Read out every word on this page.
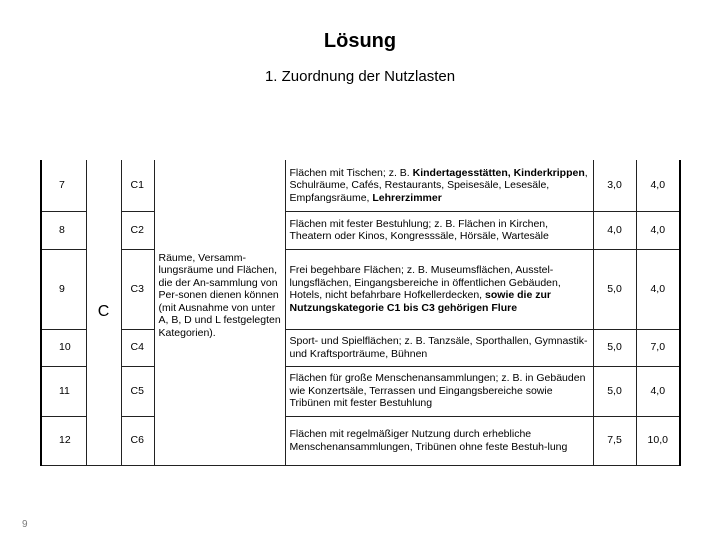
Lösung
1. Zuordnung der Nutzlasten
7	C	C1	Räume, Versamm-lungsräume und Flächen, die der An-sammlung von Per-sonen dienen können (mit Ausnahme von unter A, B, D und L festgelegten Kategorien).	Flächen mit Tischen; z. B. Kindertagesstätten, Kinderkrippen, Schulräume, Cafés, Restaurants, Speisesäle, Lesesäle, Empfangsräume, Lehrerzimmer	3,0	4,0
8		C2		Flächen mit fester Bestuhlung; z. B. Flächen in Kirchen, Theatern oder Kinos, Kongresssäle, Hörsäle, Wartesäle	4,0	4,0
9		C3		Frei begehbare Flächen; z. B. Museumsflächen, Ausstel-lungsflächen, Eingangsbereiche in öffentlichen Gebäuden, Hotels, nicht befahrbare Hofkellerdecken, sowie die zur Nutzungskategorie C1 bis C3 gehörigen Flure	5,0	4,0
10		C4		Sport- und Spielflächen; z. B. Tanzsäle, Sporthallen, Gymnastik- und Kraftsporträume, Bühnen	5,0	7,0
11		C5		Flächen für große Menschenansammlungen; z. B. in Gebäuden wie Konzertsäle, Terrassen und Eingangsbereiche sowie Tribünen mit fester Bestuhlung	5,0	4,0
12		C6		Flächen mit regelmäßiger Nutzung durch erhebliche Menschenansammlungen, Tribünen ohne feste Bestuh-lung	7,5	10,0
9
